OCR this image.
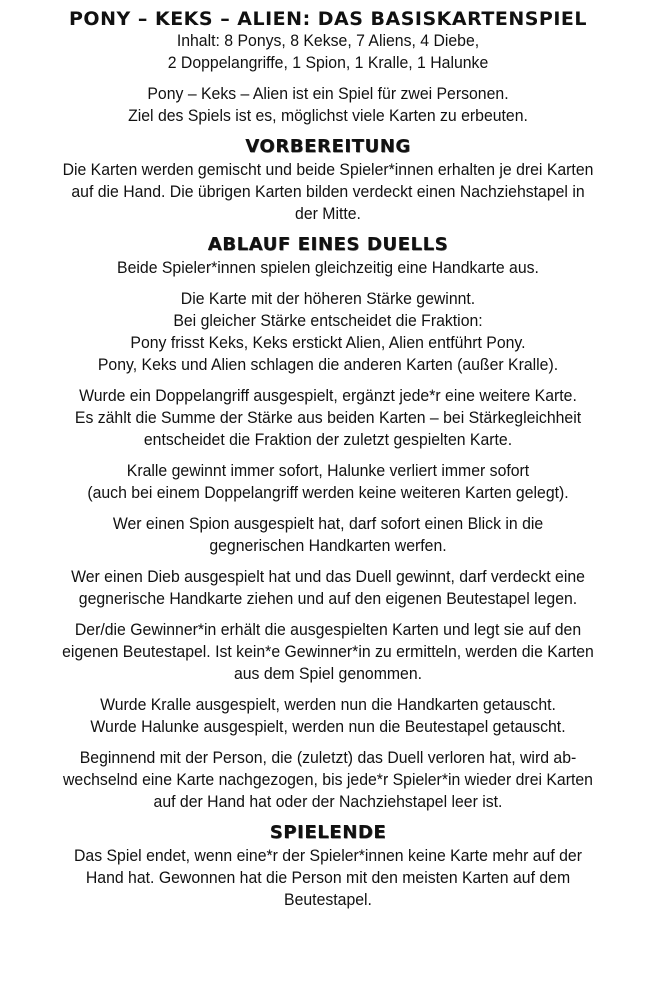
PONY – KEKS – ALIEN: DAS BASISKARTENSPIEL

Inhalt: 8 Ponys, 8 Kekse, 7 Aliens, 4 Diebe,
2 Doppelangriffe, 1 Spion, 1 Kralle, 1 Halunke

Pony – Keks – Alien ist ein Spiel für zwei Personen.
Ziel des Spiels ist es, möglichst viele Karten zu erbeuten.

VORBEREITUNG

Die Karten werden gemischt und beide Spieler*innen erhalten je drei Karten
auf die Hand. Die übrigen Karten bilden verdeckt einen Nachziehstapel in
der Mitte.

ABLAUF EINES DUELLS

Beide Spieler*innen spielen gleichzeitig eine Handkarte aus.

Die Karte mit der höheren Stärke gewinnt.
Bei gleicher Stärke entscheidet die Fraktion:
Pony frisst Keks, Keks erstickt Alien, Alien entführt Pony.
Pony, Keks und Alien schlagen die anderen Karten (außer Kralle).

Wurde ein Doppelangriff ausgespielt, ergänzt jede*r eine weitere Karte.
Es zählt die Summe der Stärke aus beiden Karten – bei Stärkegleichheit
entscheidet die Fraktion der zuletzt gespielten Karte.

Kralle gewinnt immer sofort, Halunke verliert immer sofort
(auch bei einem Doppelangriff werden keine weiteren Karten gelegt).

Wer einen Spion ausgespielt hat, darf sofort einen Blick in die
gegnerischen Handkarten werfen.

Wer einen Dieb ausgespielt hat und das Duell gewinnt, darf verdeckt eine
gegnerische Handkarte ziehen und auf den eigenen Beutestapel legen.

Der/die Gewinner*in erhält die ausgespielten Karten und legt sie auf den
eigenen Beutestapel. Ist kein*e Gewinner*in zu ermitteln, werden die Karten
aus dem Spiel genommen.

Wurde Kralle ausgespielt, werden nun die Handkarten getauscht.
Wurde Halunke ausgespielt, werden nun die Beutestapel getauscht.

Beginnend mit der Person, die (zuletzt) das Duell verloren hat, wird ab-
wechselnd eine Karte nachgezogen, bis jede*r Spieler*in wieder drei Karten
auf der Hand hat oder der Nachziehstapel leer ist.

SPIELENDE

Das Spiel endet, wenn eine*r der Spieler*innen keine Karte mehr auf der
Hand hat. Gewonnen hat die Person mit den meisten Karten auf dem
Beutestapel.
